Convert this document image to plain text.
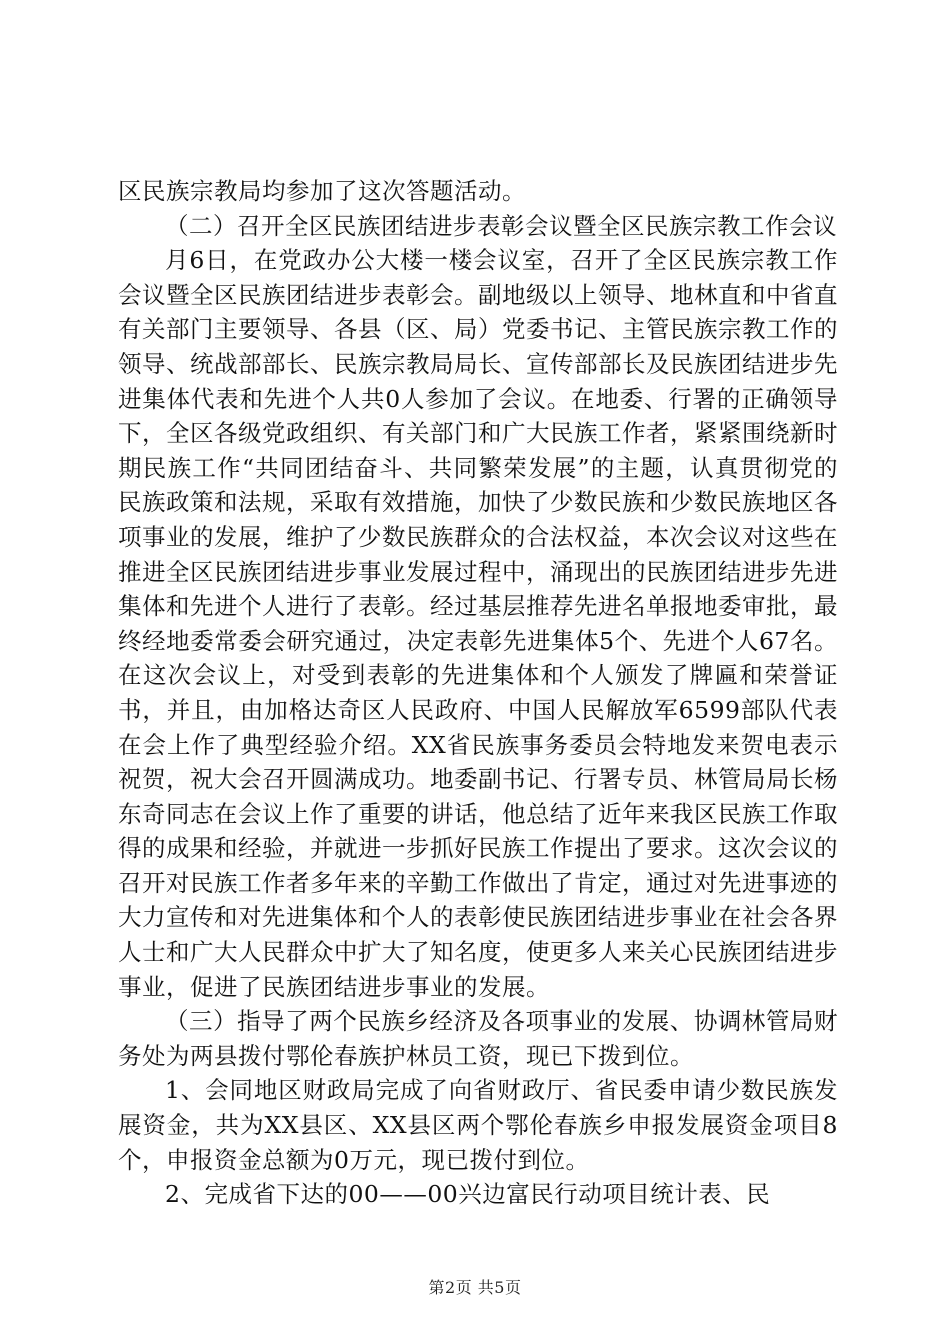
区民族宗教局均参加了这次答题活动。

（二）召开全区民族团结进步表彰会议暨全区民族宗教工作会议

月6日，在党政办公大楼一楼会议室，召开了全区民族宗教工作会议暨全区民族团结进步表彰会。副地级以上领导、地林直和中省直有关部门主要领导、各县（区、局）党委书记、主管民族宗教工作的领导、统战部部长、民族宗教局局长、宣传部部长及民族团结进步先进集体代表和先进个人共0人参加了会议。在地委、行署的正确领导下，全区各级党政组织、有关部门和广大民族工作者，紧紧围绕新时期民族工作“共同团结奋斗、共同繁荣发展”的主题，认真贯彻党的民族政策和法规，采取有效措施，加快了少数民族和少数民族地区各项事业的发展，维护了少数民族群众的合法权益，本次会议对这些在推进全区民族团结进步事业发展过程中，涌现出的民族团结进步先进集体和先进个人进行了表彰。经过基层推荐先进名单报地委审批，最终经地委常委会研究通过，决定表彰先进集体5个、先进个人67名。在这次会议上，对受到表彰的先进集体和个人颁发了牌匾和荣誉证书，并且，由加格达奇区人民政府、中国人民解放军6599部队代表在会上作了典型经验介绍。XX省民族事务委员会特地发来贺电表示祝贺，祝大会召开圆满成功。地委副书记、行署专员、林管局局长杨东奇同志在会议上作了重要的讲话，他总结了近年来我区民族工作取得的成果和经验，并就进一步抓好民族工作提出了要求。这次会议的召开对民族工作者多年来的辛勤工作做出了肯定，通过对先进事迹的大力宣传和对先进集体和个人的表彰使民族团结进步事业在社会各界人士和广大人民群众中扩大了知名度，使更多人来关心民族团结进步事业，促进了民族团结进步事业的发展。

（三）指导了两个民族乡经济及各项事业的发展、协调林管局财务处为两县拨付鄂伦春族护林员工资，现已下拨到位。

1、会同地区财政局完成了向省财政厅、省民委申请少数民族发展资金，共为XX县区、XX县区两个鄂伦春族乡申报发展资金项目8个，申报资金总额为0万元，现已拨付到位。

2、完成省下达的00——00兴边富民行动项目统计表、民

第2页 共5页
